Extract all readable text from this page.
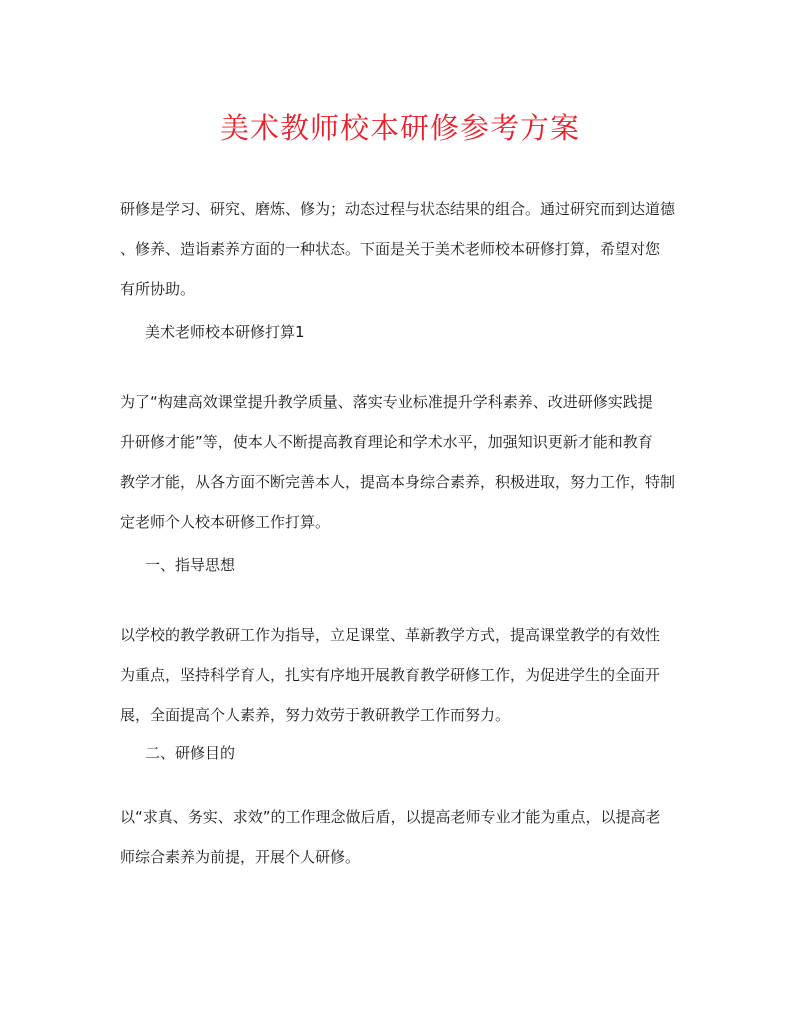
美术教师校本研修参考方案

研修是学习、研究、磨炼、修为；动态过程与状态结果的组合。通过研究而到达道德
、修养、造诣素养方面的一种状态。下面是关于美术老师校本研修打算，希望对您
有所协助。

美术老师校本研修打算1

为了“构建高效课堂提升教学质量、落实专业标准提升学科素养、改进研修实践提
升研修才能”等，使本人不断提高教育理论和学术水平，加强知识更新才能和教育
教学才能，从各方面不断完善本人，提高本身综合素养，积极进取，努力工作，特制
定老师个人校本研修工作打算。

一、指导思想

以学校的教学教研工作为指导，立足课堂、革新教学方式，提高课堂教学的有效性
为重点，坚持科学育人，扎实有序地开展教育教学研修工作，为促进学生的全面开
展，全面提高个人素养，努力效劳于教研教学工作而努力。

二、研修目的

以“求真、务实、求效”的工作理念做后盾，以提高老师专业才能为重点，以提高老
师综合素养为前提，开展个人研修。
